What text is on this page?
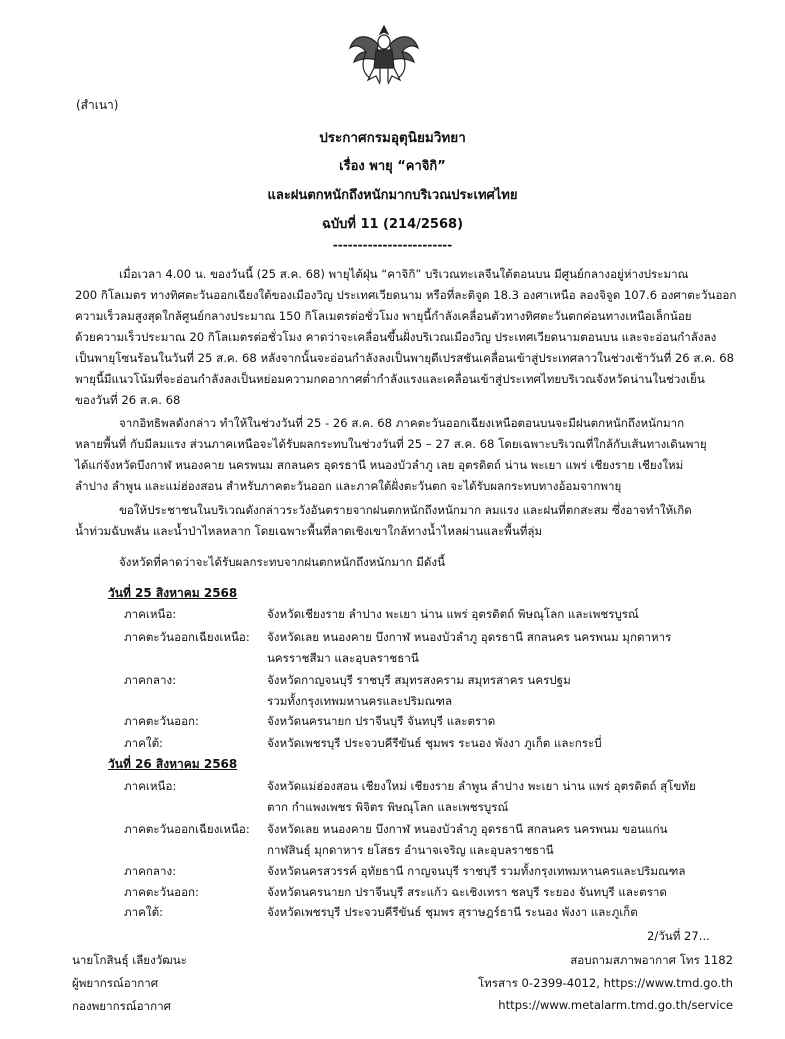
(สำเนา)
ประกาศกรมอุตุนิยมวิทยา
เรื่อง พายุ “คาจิกิ”
และฝนตกหนักถึงหนักมากบริเวณประเทศไทย
ฉบับที่ 11 (214/2568)
------------------------
เมื่อเวลา 4.00 น. ของวันนี้ (25 ส.ค. 68) พายุไต้ฝุ่น “คาจิกิ” บริเวณทะเลจีนใต้ตอนบน มีศูนย์กลางอยู่ห่างประมาณ
200 กิโลเมตร ทางทิศตะวันออกเฉียงใต้ของเมืองวิญ ประเทศเวียดนาม หรือที่ละติจูด 18.3 องศาเหนือ ลองจิจูด 107.6 องศาตะวันออก
ความเร็วลมสูงสุดใกล้ศูนย์กลางประมาณ 150 กิโลเมตรต่อชั่วโมง พายุนี้กำลังเคลื่อนตัวทางทิศตะวันตกค่อนทางเหนือเล็กน้อย
ด้วยความเร็วประมาณ 20 กิโลเมตรต่อชั่วโมง คาดว่าจะเคลื่อนขึ้นฝั่งบริเวณเมืองวิญ ประเทศเวียดนามตอนบน และจะอ่อนกำลังลง
เป็นพายุโซนร้อนในวันที่ 25 ส.ค. 68 หลังจากนั้นจะอ่อนกำลังลงเป็นพายุดีเปรสชันเคลื่อนเข้าสู่ประเทศลาวในช่วงเช้าวันที่ 26 ส.ค. 68
พายุนี้มีแนวโน้มที่จะอ่อนกำลังลงเป็นหย่อมความกดอากาศต่ำกำลังแรงและเคลื่อนเข้าสู่ประเทศไทยบริเวณจังหวัดน่านในช่วงเย็น
ของวันที่ 26 ส.ค. 68
จากอิทธิพลดังกล่าว ทำให้ในช่วงวันที่ 25 - 26 ส.ค. 68 ภาคตะวันออกเฉียงเหนือตอนบนจะมีฝนตกหนักถึงหนักมาก
หลายพื้นที่ กับมีลมแรง ส่วนภาคเหนือจะได้รับผลกระทบในช่วงวันที่ 25 – 27 ส.ค. 68 โดยเฉพาะบริเวณที่ใกล้กับเส้นทางเดินพายุ
ได้แก่จังหวัดบึงกาฬ หนองคาย นครพนม สกลนคร อุดรธานี หนองบัวลำภู เลย อุตรดิตถ์ น่าน พะเยา แพร่ เชียงราย เชียงใหม่
ลำปาง ลำพูน และแม่ฮ่องสอน สำหรับภาคตะวันออก และภาคใต้ฝั่งตะวันตก จะได้รับผลกระทบทางอ้อมจากพายุ
ขอให้ประชาชนในบริเวณดังกล่าวระวังอันตรายจากฝนตกหนักถึงหนักมาก ลมแรง และฝนที่ตกสะสม ซึ่งอาจทำให้เกิด
น้ำท่วมฉับพลัน และน้ำป่าไหลหลาก โดยเฉพาะพื้นที่ลาดเชิงเขาใกล้ทางน้ำไหลผ่านและพื้นที่ลุ่ม
จังหวัดที่คาดว่าจะได้รับผลกระทบจากฝนตกหนักถึงหนักมาก มีดังนี้
วันที่ 25 สิงหาคม 2568
ภาคเหนือ:	จังหวัดเชียงราย ลำปาง พะเยา น่าน แพร่ อุตรดิตถ์ พิษณุโลก และเพชรบูรณ์
ภาคตะวันออกเฉียงเหนือ: จังหวัดเลย หนองคาย บึงกาฬ หนองบัวลำภู อุดรธานี สกลนคร นครพนม มุกดาหาร
นครราชสีมา และอุบลราชธานี
ภาคกลาง:	จังหวัดกาญจนบุรี ราชบุรี สมุทรสงคราม สมุทรสาคร นครปฐม
รวมทั้งกรุงเทพมหานครและปริมณฑล
ภาคตะวันออก:	จังหวัดนครนายก ปราจีนบุรี จันทบุรี และตราด
ภาคใต้:	จังหวัดเพชรบุรี ประจวบคีรีขันธ์ ชุมพร ระนอง พังงา ภูเก็ต และกระบี่
วันที่ 26 สิงหาคม 2568
ภาคเหนือ:	จังหวัดแม่ฮ่องสอน เชียงใหม่ เชียงราย ลำพูน ลำปาง พะเยา น่าน แพร่ อุตรดิตถ์ สุโขทัย
ตาก กำแพงเพชร พิจิตร พิษณุโลก และเพชรบูรณ์
ภาคตะวันออกเฉียงเหนือ: จังหวัดเลย หนองคาย บึงกาฬ หนองบัวลำภู อุดรธานี สกลนคร นครพนม ขอนแก่น
กาฬสินธุ์ มุกดาหาร ยโสธร อำนาจเจริญ และอุบลราชธานี
ภาคกลาง:	จังหวัดนครสวรรค์ อุทัยธานี กาญจนบุรี ราชบุรี รวมทั้งกรุงเทพมหานครและปริมณฑล
ภาคตะวันออก:	จังหวัดนครนายก ปราจีนบุรี สระแก้ว ฉะเชิงเทรา ชลบุรี ระยอง จันทบุรี และตราด
ภาคใต้:	จังหวัดเพชรบุรี ประจวบคีรีขันธ์ ชุมพร สุราษฎร์ธานี ระนอง พังงา และภูเก็ต
2/วันที่ 27...
นายโกสินธุ์ เลียงวัฒนะ
ผู้พยากรณ์อากาศ
กองพยากรณ์อากาศ
สอบถามสภาพอากาศ โทร 1182
โทรสาร 0-2399-4012, https://www.tmd.go.th
https://www.metalarm.tmd.go.th/service
